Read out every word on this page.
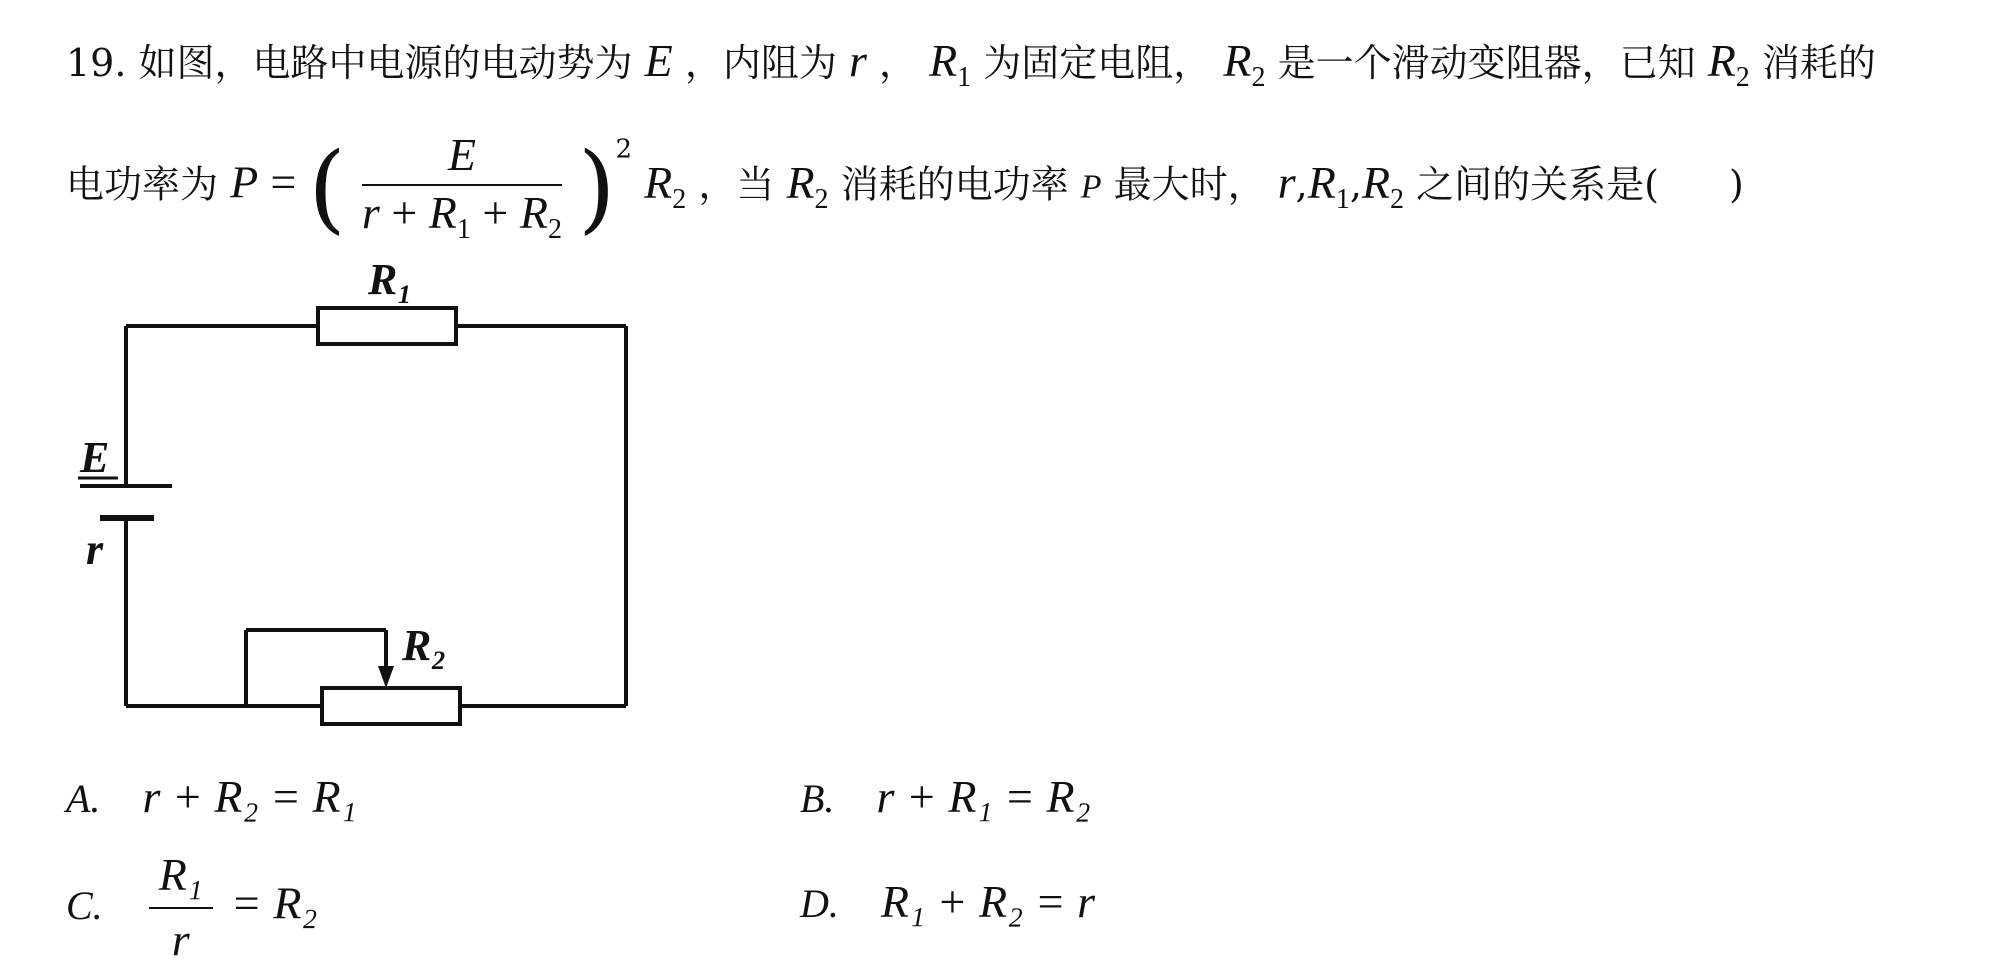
19. 如图，电路中电源的电动势为 E ，内阻为 r ， $R_1$ 为固定电阻， $R_2$ 是一个滑动变阻器，已知 $R_2$ 消耗的
电功率为 P = ( $\frac{E}{r + R_1 + R_2} )^2$ $R_2$ ，当 $R_2$ 消耗的电功率 P 最大时， $r,R_1,R_2$ 之间的关系是( )
R₁
R₂
E
r
A. r + R₂ = R₁	B. r + R₁ = R₂
C. $\frac{\text{R₁}}{r} = R_2$	D. R₁ + R₂ = r
